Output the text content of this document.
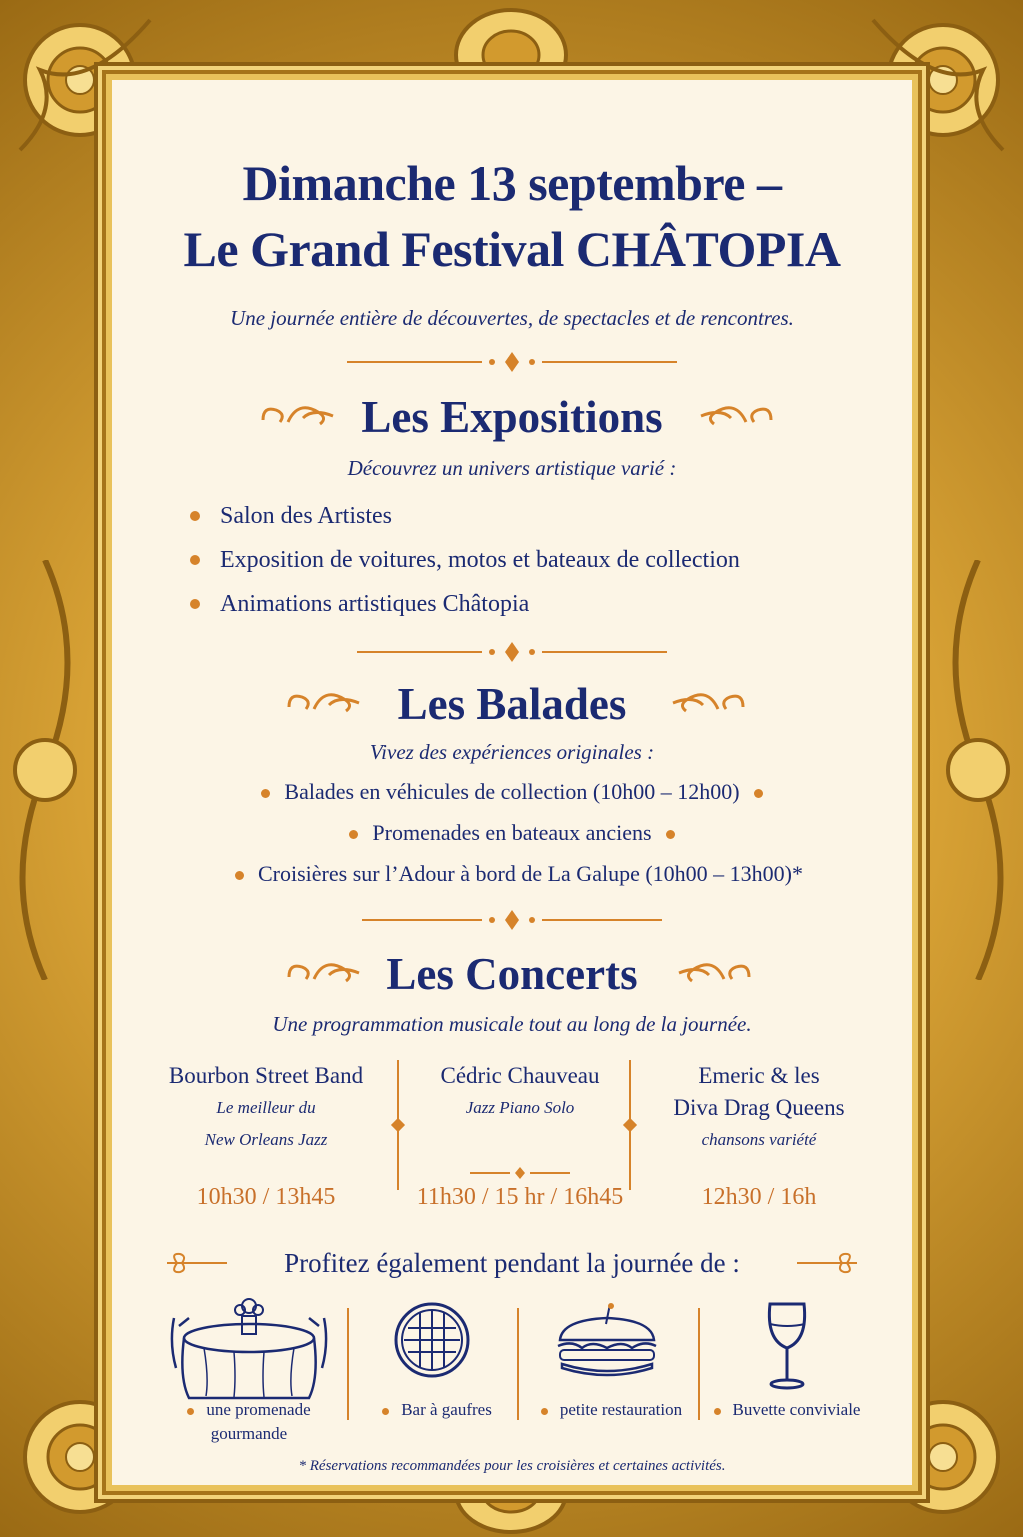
Dimanche 13 septembre –
Le Grand Festival CHÂTOPIA
Une journée entière de découvertes, de spectacles et de rencontres.
Les Expositions
Découvrez un univers artistique varié :
Salon des Artistes
Exposition de voitures, motos et bateaux de collection
Animations artistiques Châtopia
Les Balades
Vivez des expériences originales :
Balades en véhicules de collection (10h00 – 12h00)
Promenades en bateaux anciens
Croisières sur l’Adour à bord de La Galupe (10h00 – 13h00)*
Les Concerts
Une programmation musicale tout au long de la journée.
Bourbon Street Band
Le meilleur du
New Orleans Jazz
10h30 / 13h45
Cédric Chauveau
Jazz Piano Solo
11h30 / 15 hr / 16h45
Emeric & les
Diva Drag Queens
chansons variété
12h30 / 16h
Profitez également pendant la journée de :
une promenade
gourmande
Bar à gaufres	petite restauration	Buvette conviviale
* Réservations recommandées pour les croisières et certaines activités.
